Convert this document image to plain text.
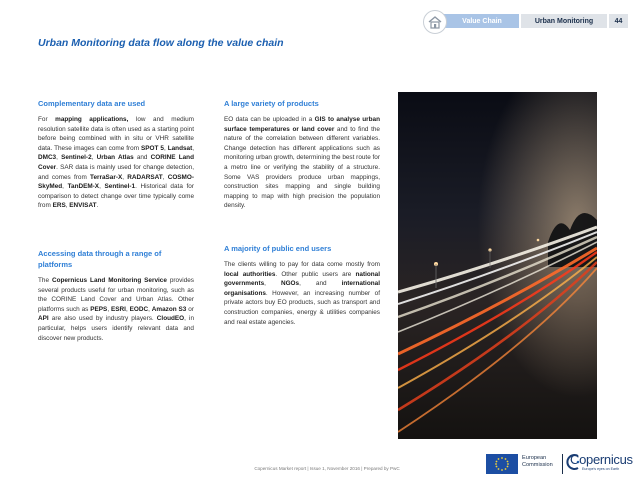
Value Chain	Urban Monitoring	44
Urban Monitoring data flow along the value chain
Complementary data are used

For mapping applications, low and medium resolution satellite data is often used as a starting point before being combined with in situ or VHR satellite data. These images can come from SPOT 5, Landsat, DMC3, Sentinel-2, Urban Atlas and CORINE Land Cover. SAR data is mainly used for change detection, and comes from TerraSar-X, RADARSAT, COSMO-SkyMed, TanDEM-X, Sentinel-1. Historical data for comparison to detect change over time typically come from ERS, ENVISAT.

Accessing data through a range of platforms

The Copernicus Land Monitoring Service provides several products useful for urban monitoring, such as the CORINE Land Cover and Urban Atlas. Other platforms such as PEPS, ESRI, EODC, Amazon S3 or API are also used by industry players. CloudEO, in particular, helps users identify relevant data and discover new products.

A large variety of products

EO data can be uploaded in a GIS to analyse urban surface temperatures or land cover and to find the nature of the correlation between different variables. Change detection has different applications such as monitoring urban growth, determining the best route for a metro line or verifying the stability of a structure. Some VAS providers produce urban mappings, construction sites mapping and single building mapping to map with high precision the population density.

A majority of public end users

The clients willing to pay for data come mostly from local authorities. Other public users are national governments, NGOs, and international organisations. However, an increasing number of private actors buy EO products, such as transport and construction companies, energy & utilities companies and real estate agencies.

Copernicus Market report | Issue 1, November 2016 | Prepared by PwC
European
Commission Copernicus
Europe's eyes on Earth
